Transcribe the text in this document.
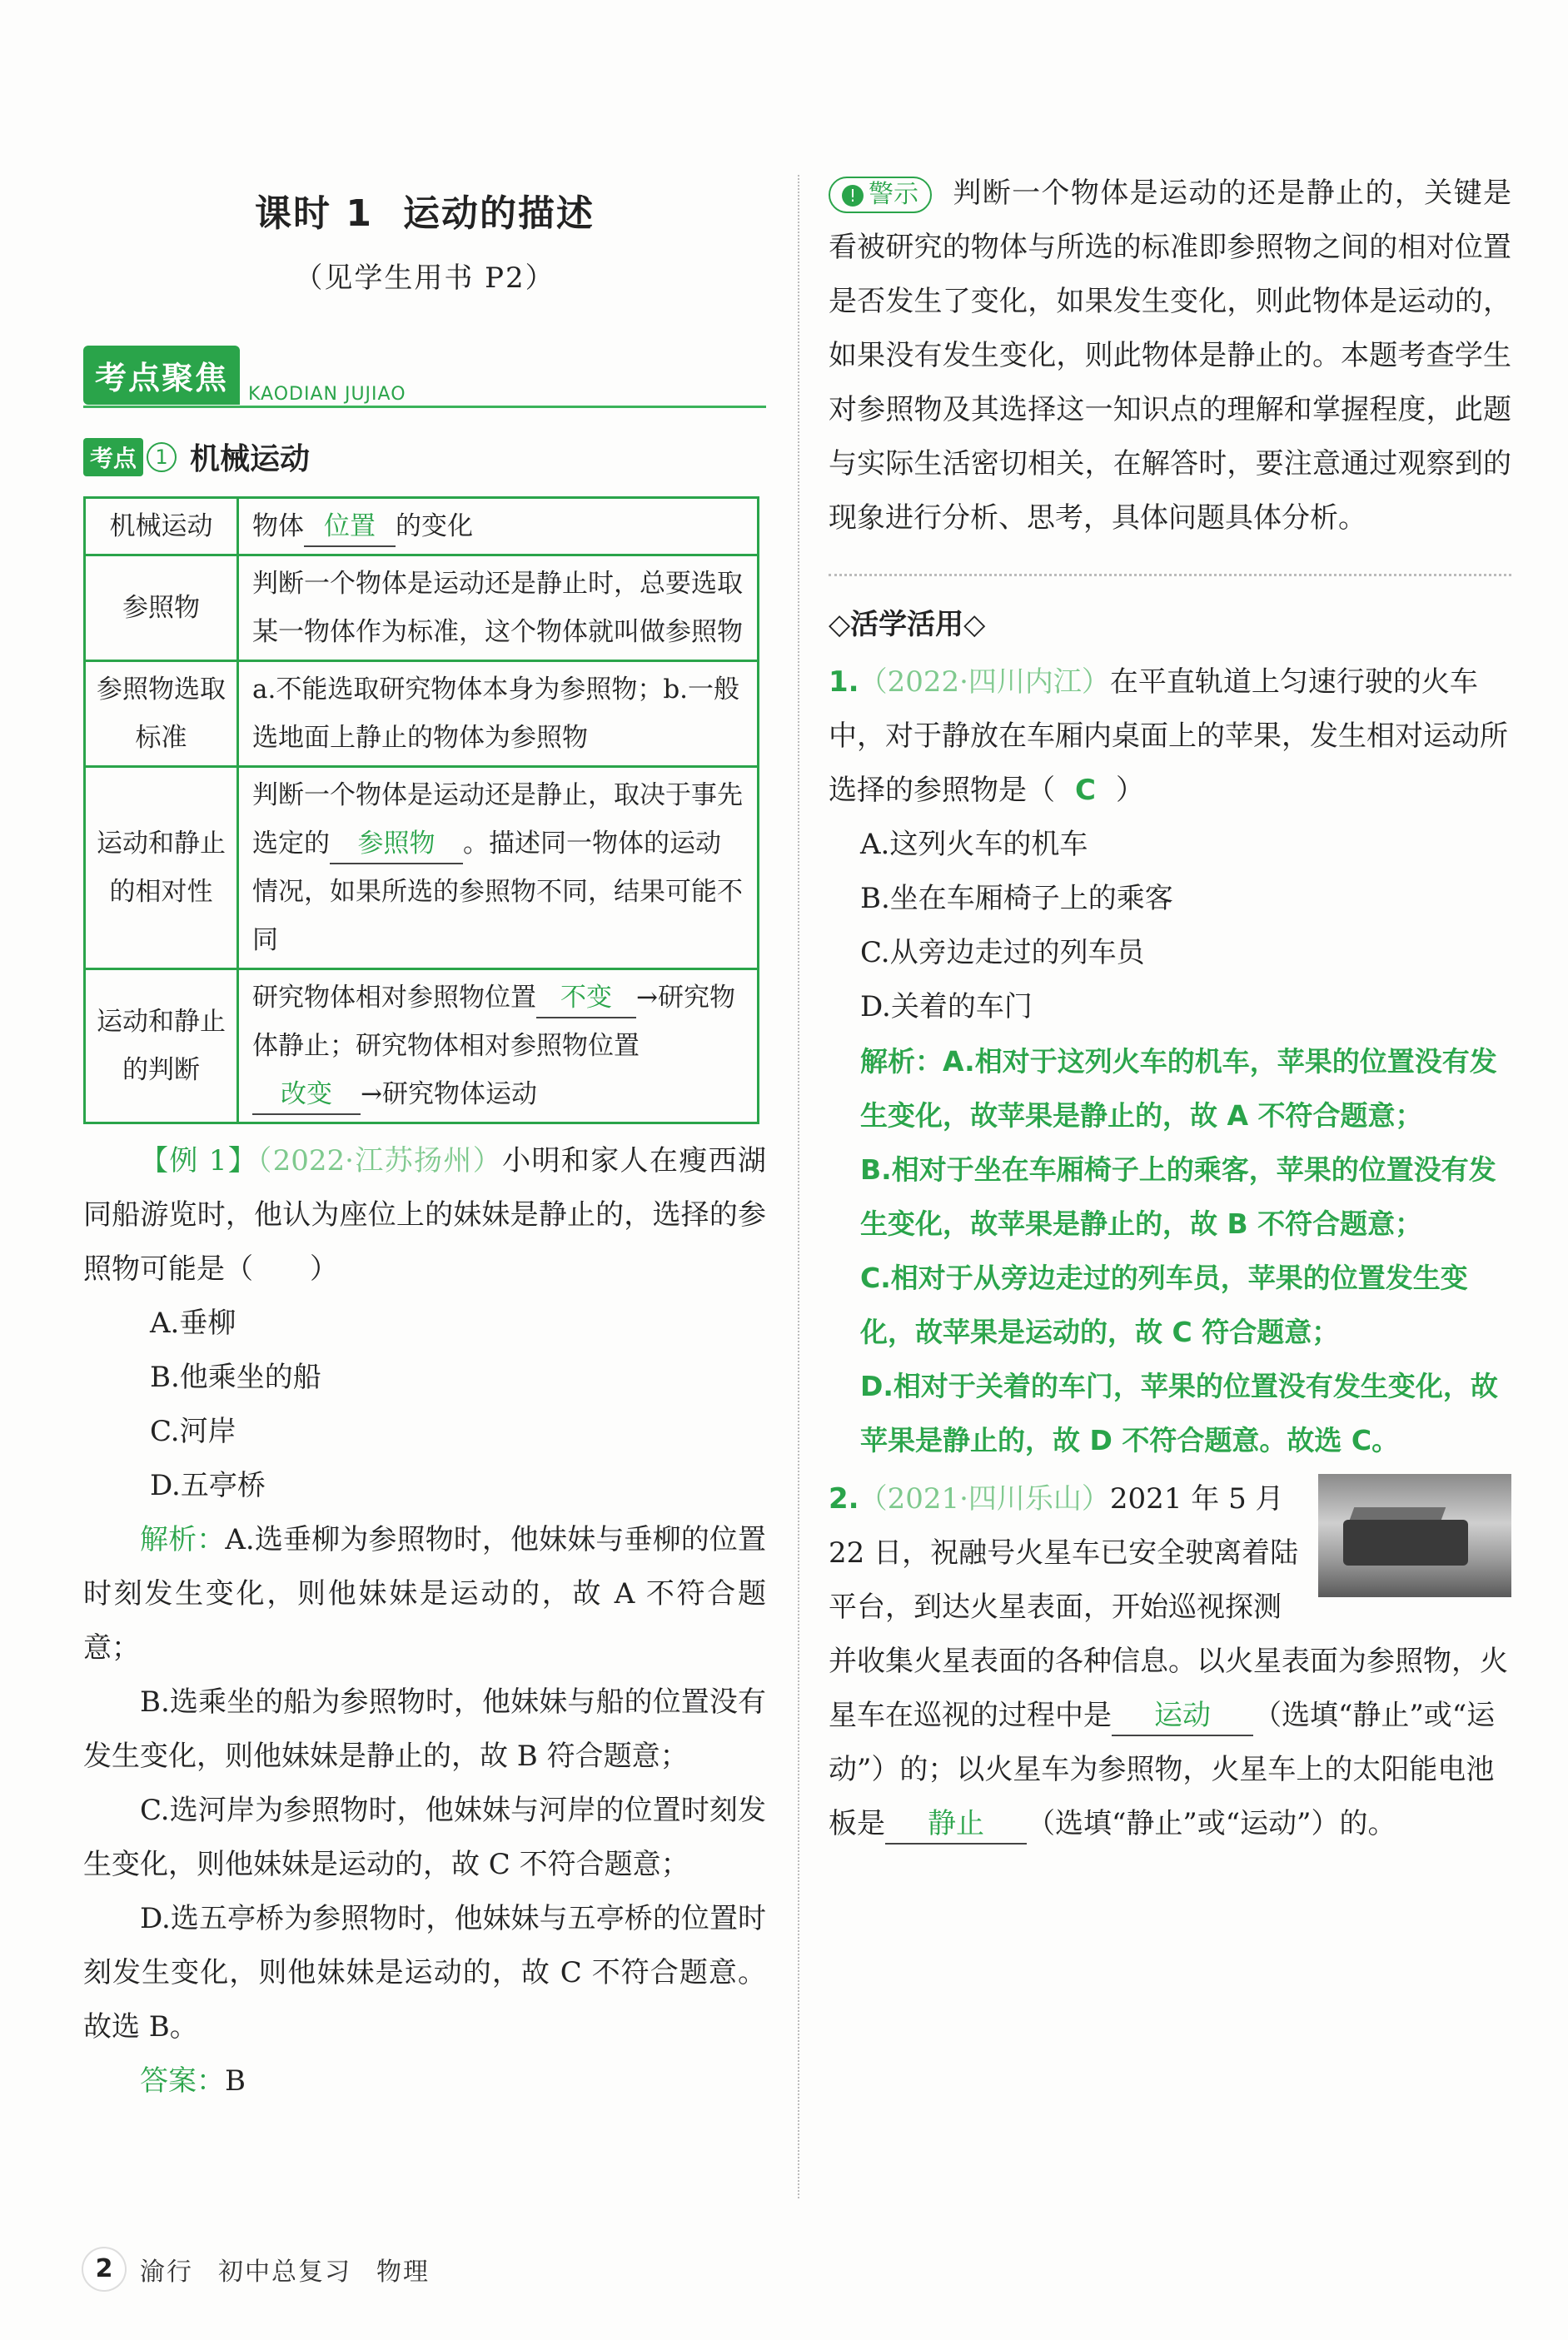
课时 1 运动的描述
（见学生用书 P2）
考点聚焦 KAODIAN JUJIAO
考点 1 机械运动
机械运动	物体 位置 的变化
参照物	判断一个物体是运动还是静止时，总要选取某一物体作为标准，这个物体就叫做参照物
参照物选取标准	a.不能选取研究物体本身为参照物；b.一般选地面上静止的物体为参照物
运动和静止的相对性	判断一个物体是运动还是静止，取决于事先选定的 参照物 。描述同一物体的运动情况，如果所选的参照物不同，结果可能不同
运动和静止的判断	研究物体相对参照物位置 不变 →研究物体静止；研究物体相对参照物位置改变 →研究物体运动

【例 1】（2022·江苏扬州）小明和家人在瘦西湖同船游览时，他认为座位上的妹妹是静止的，选择的参照物可能是（　　）

A.垂柳
B.他乘坐的船
C.河岸
D.五亭桥

解析：A.选垂柳为参照物时，他妹妹与垂柳的位置时刻发生变化，则他妹妹是运动的，故 A 不符合题意；

B.选乘坐的船为参照物时，他妹妹与船的位置没有发生变化，则他妹妹是静止的，故 B 符合题意；

C.选河岸为参照物时，他妹妹与河岸的位置时刻发生变化，则他妹妹是运动的，故 C 不符合题意；

D.选五亭桥为参照物时，他妹妹与五亭桥的位置时刻发生变化，则他妹妹是运动的，故 C 不符合题意。故选 B。

答案：B

! 警示 判断一个物体是运动的还是静止的，关键是看被研究的物体与所选的标准即参照物之间的相对位置是否发生了变化，如果发生变化，则此物体是运动的，如果没有发生变化，则此物体是静止的。本题考查学生对参照物及其选择这一知识点的理解和掌握程度，此题与实际生活密切相关，在解答时，要注意通过观察到的现象进行分析、思考，具体问题具体分析。

◇活学活用◇

1.（2022·四川内江）在平直轨道上匀速行驶的火车中，对于静放在车厢内桌面上的苹果，发生相对运动所选择的参照物是（ C ）

A.这列火车的机车

B.坐在车厢椅子上的乘客

C.从旁边走过的列车员

D.关着的车门

解析：A.相对于这列火车的机车，苹果的位置没有发生变化，故苹果是静止的，故 A 不符合题意；

B.相对于坐在车厢椅子上的乘客，苹果的位置没有发生变化，故苹果是静止的，故 B 不符合题意；

C.相对于从旁边走过的列车员，苹果的位置发生变化，故苹果是运动的，故 C 符合题意；

D.相对于关着的车门，苹果的位置没有发生变化，故苹果是静止的，故 D 不符合题意。故选 C。

2.（2021·四川乐山）2021 年 5 月 22 日，祝融号火星车已安全驶离着陆平台，到达火星表面，开始巡视探测并收集火星表面的各种信息。以火星表面为参照物，火星车在巡视的过程中是 运动 （选填“静止”或“运动”）的；以火星车为参照物，火星车上的太阳能电池板是 静止 （选填“静止”或“运动”）的。
2	渝行 初中总复习 物理
